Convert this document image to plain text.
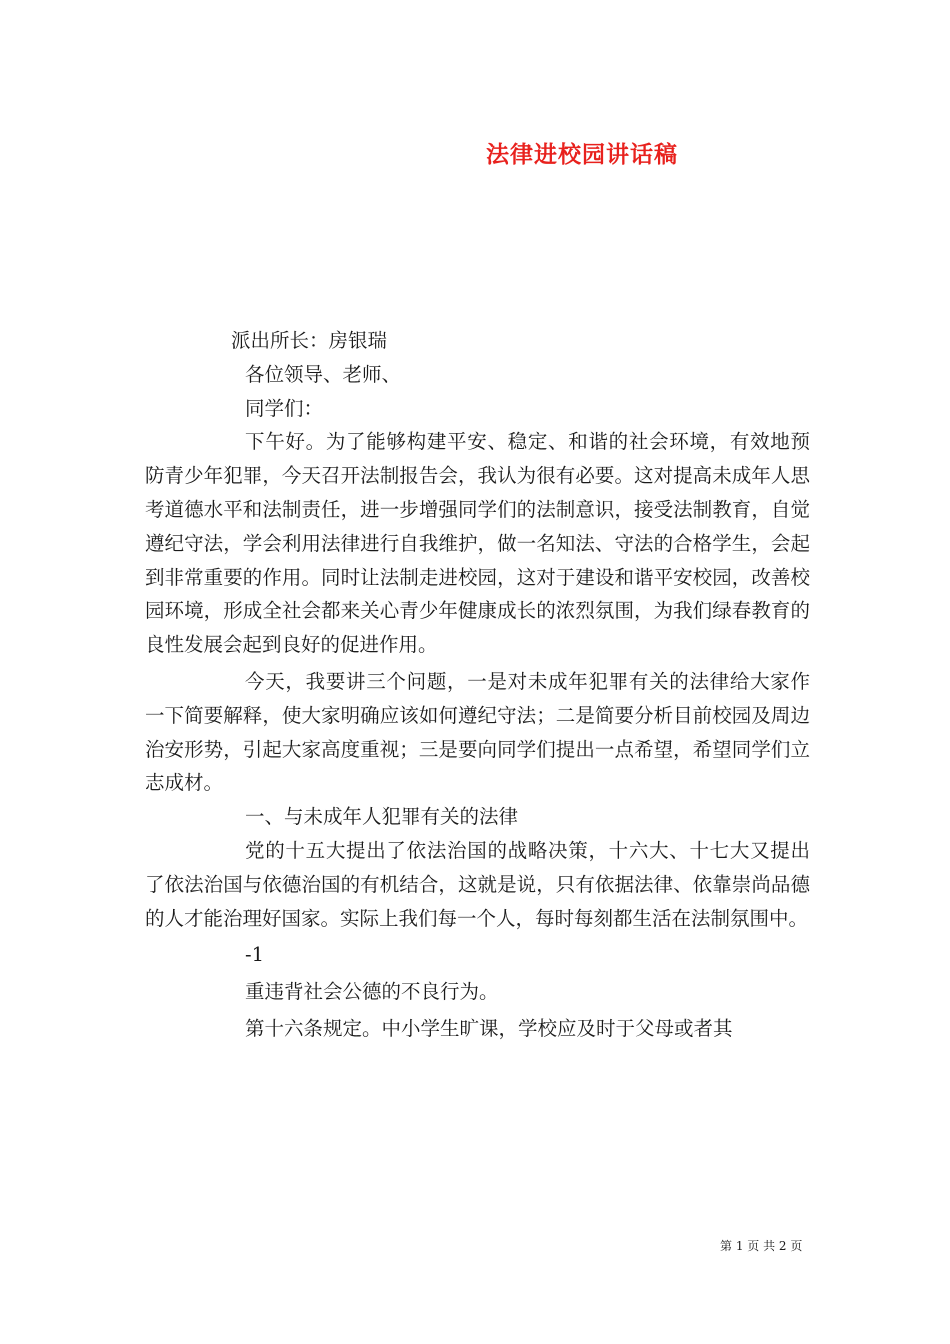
法律进校园讲话稿
派出所长：房银瑞
各位领导、老师、
同学们：
下午好。为了能够构建平安、稳定、和谐的社会环境，有效地预防青少年犯罪，今天召开法制报告会，我认为很有必要。这对提高未成年人思考道德水平和法制责任，进一步增强同学们的法制意识，接受法制教育，自觉遵纪守法，学会利用法律进行自我维护，做一名知法、守法的合格学生，会起到非常重要的作用。同时让法制走进校园，这对于建设和谐平安校园，改善校园环境，形成全社会都来关心青少年健康成长的浓烈氛围，为我们绿春教育的良性发展会起到良好的促进作用。
今天，我要讲三个问题，一是对未成年犯罪有关的法律给大家作一下简要解释，使大家明确应该如何遵纪守法；二是简要分析目前校园及周边治安形势，引起大家高度重视；三是要向同学们提出一点希望，希望同学们立志成材。
一、与未成年人犯罪有关的法律
党的十五大提出了依法治国的战略决策，十六大、十七大又提出了依法治国与依德治国的有机结合，这就是说，只有依据法律、依靠崇尚品德的人才能治理好国家。实际上我们每一个人，每时每刻都生活在法制氛围中。
-1
重违背社会公德的不良行为。
第十六条规定。中小学生旷课，学校应及时于父母或者其
第 1 页 共 2 页
